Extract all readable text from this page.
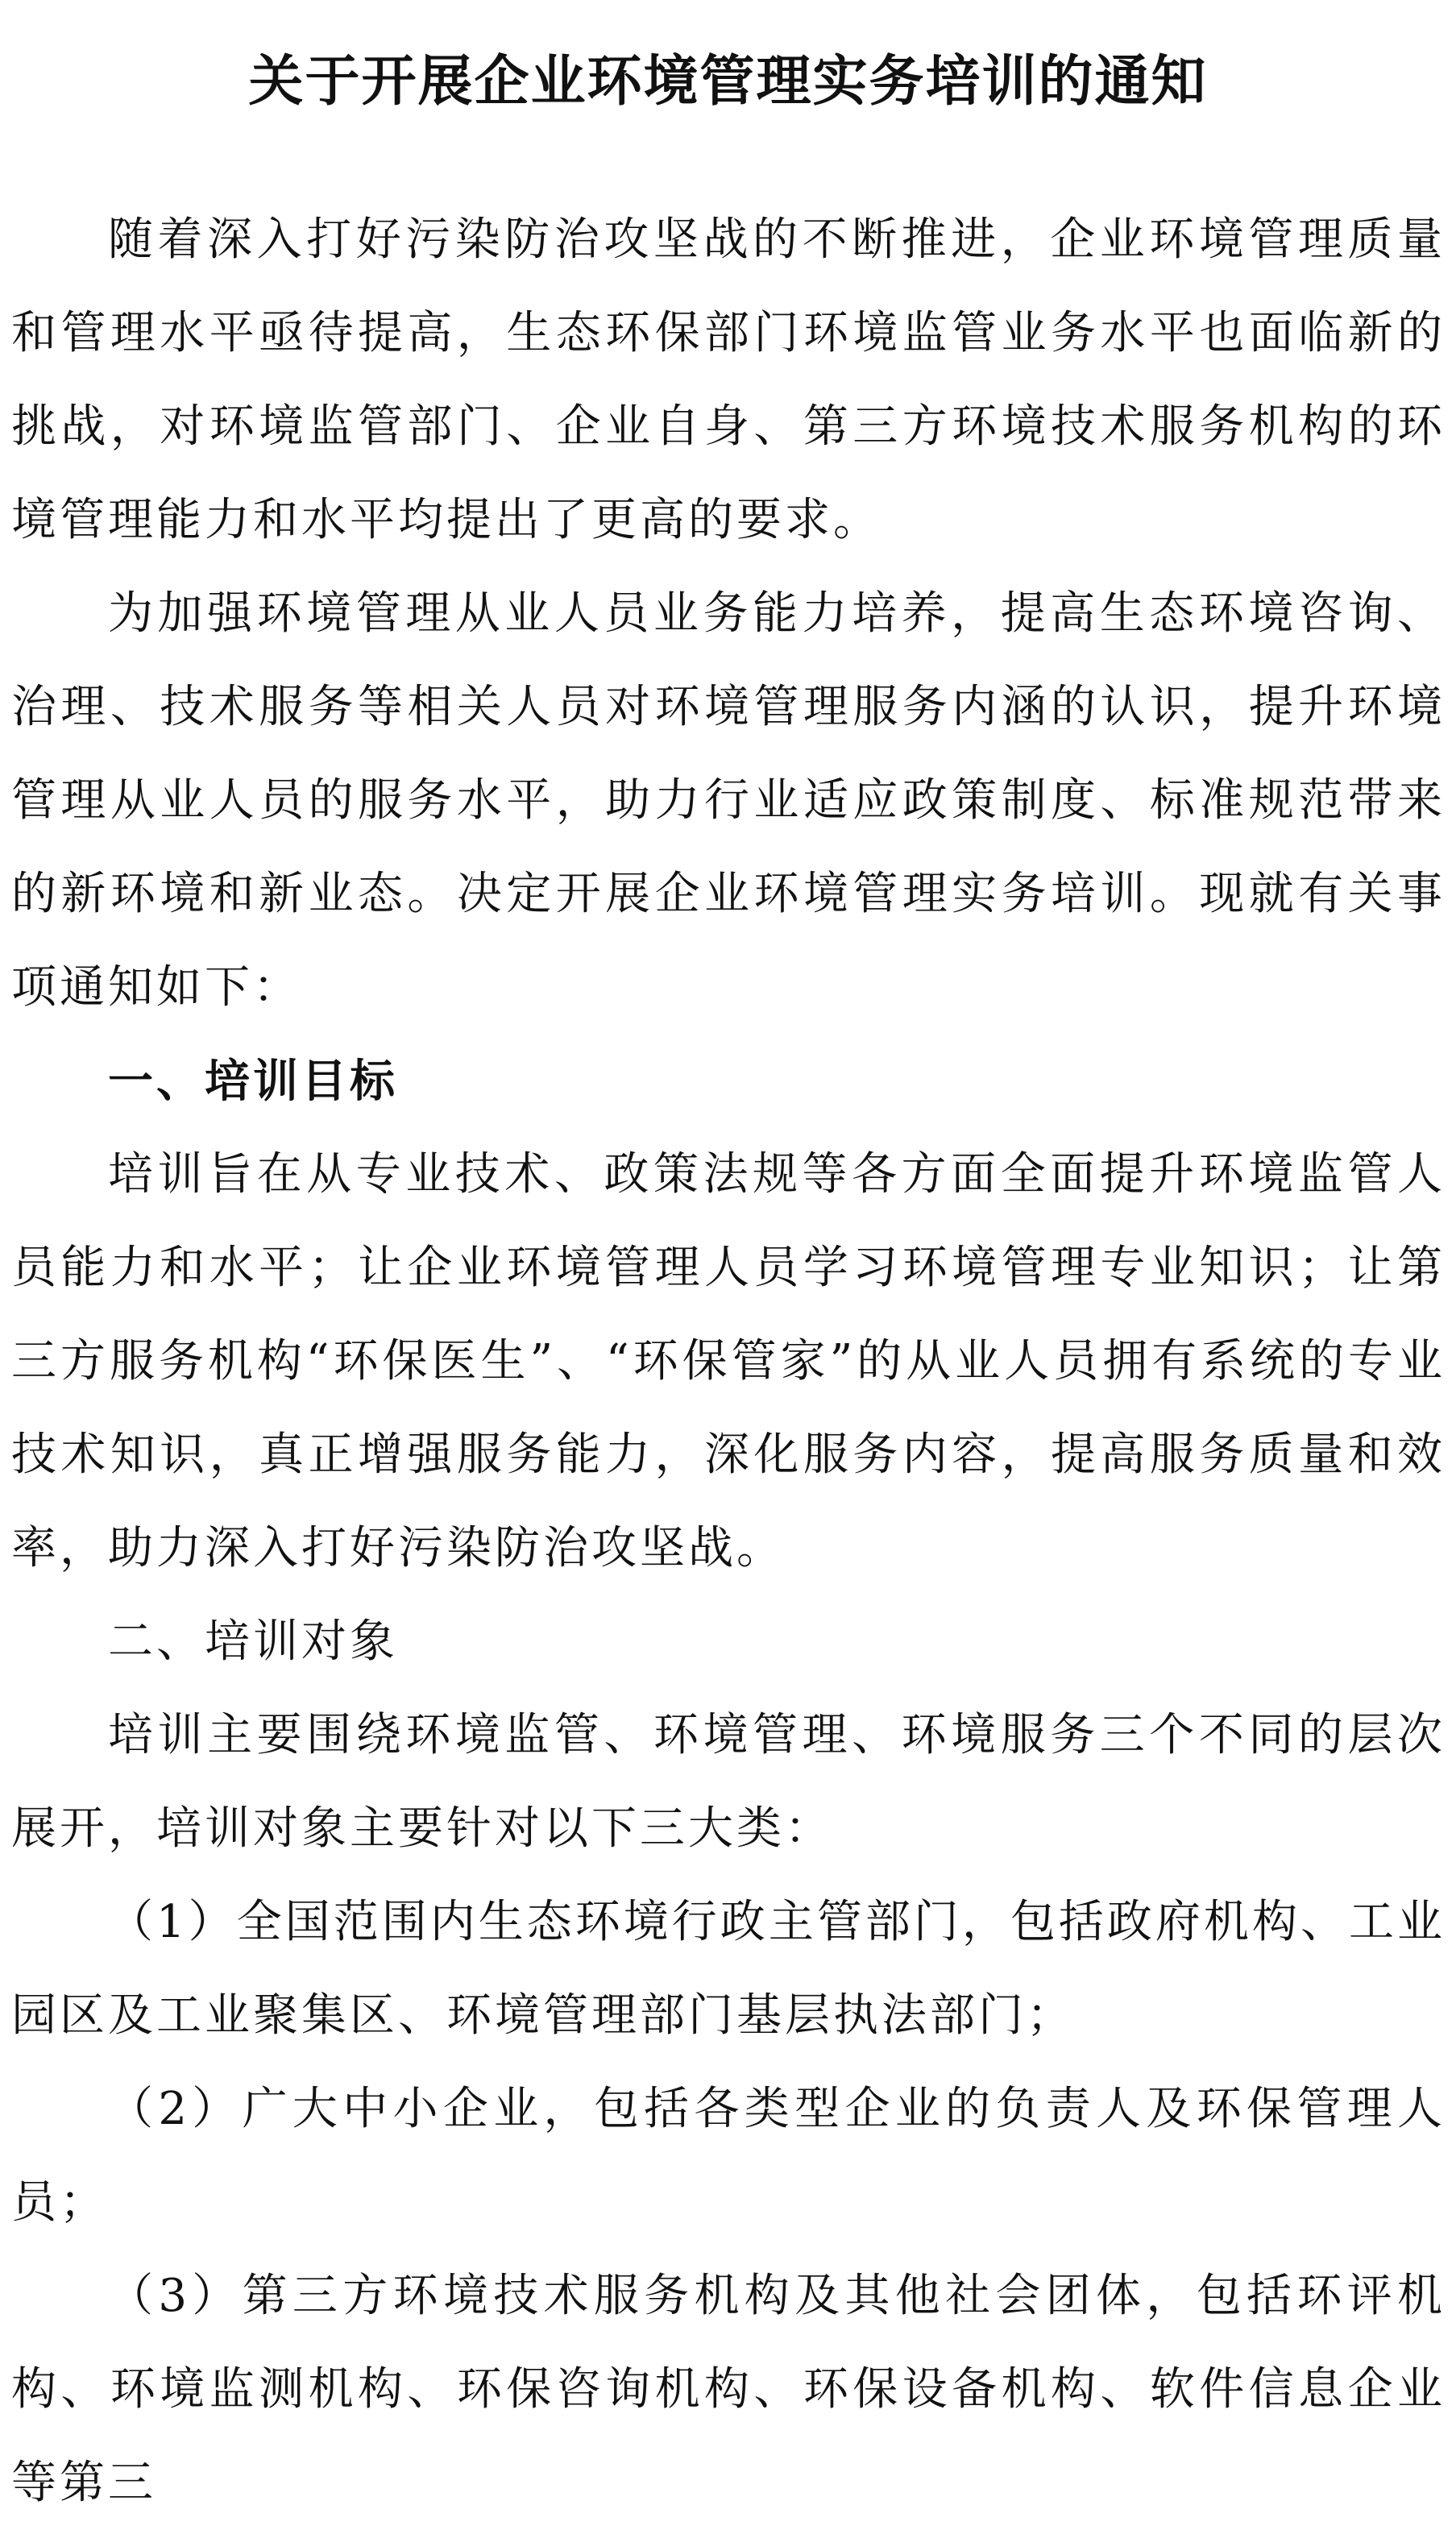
关于开展企业环境管理实务培训的通知

随着深入打好污染防治攻坚战的不断推进，企业环境管理质量和管理水平亟待提高，生态环保部门环境监管业务水平也面临新的挑战，对环境监管部门、企业自身、第三方环境技术服务机构的环境管理能力和水平均提出了更高的要求。

为加强环境管理从业人员业务能力培养，提高生态环境咨询、治理、技术服务等相关人员对环境管理服务内涵的认识，提升环境管理从业人员的服务水平，助力行业适应政策制度、标准规范带来的新环境和新业态。决定开展企业环境管理实务培训。现就有关事项通知如下：

一、培训目标

培训旨在从专业技术、政策法规等各方面全面提升环境监管人员能力和水平；让企业环境管理人员学习环境管理专业知识；让第三方服务机构“环保医生”、“环保管家”的从业人员拥有系统的专业技术知识，真正增强服务能力，深化服务内容，提高服务质量和效率，助力深入打好污染防治攻坚战。

二、培训对象

培训主要围绕环境监管、环境管理、环境服务三个不同的层次展开，培训对象主要针对以下三大类：

（1）全国范围内生态环境行政主管部门，包括政府机构、工业园区及工业聚集区、环境管理部门基层执法部门；

（2）广大中小企业，包括各类型企业的负责人及环保管理人员；

（3）第三方环境技术服务机构及其他社会团体，包括环评机构、环境监测机构、环保咨询机构、环保设备机构、软件信息企业等第三
